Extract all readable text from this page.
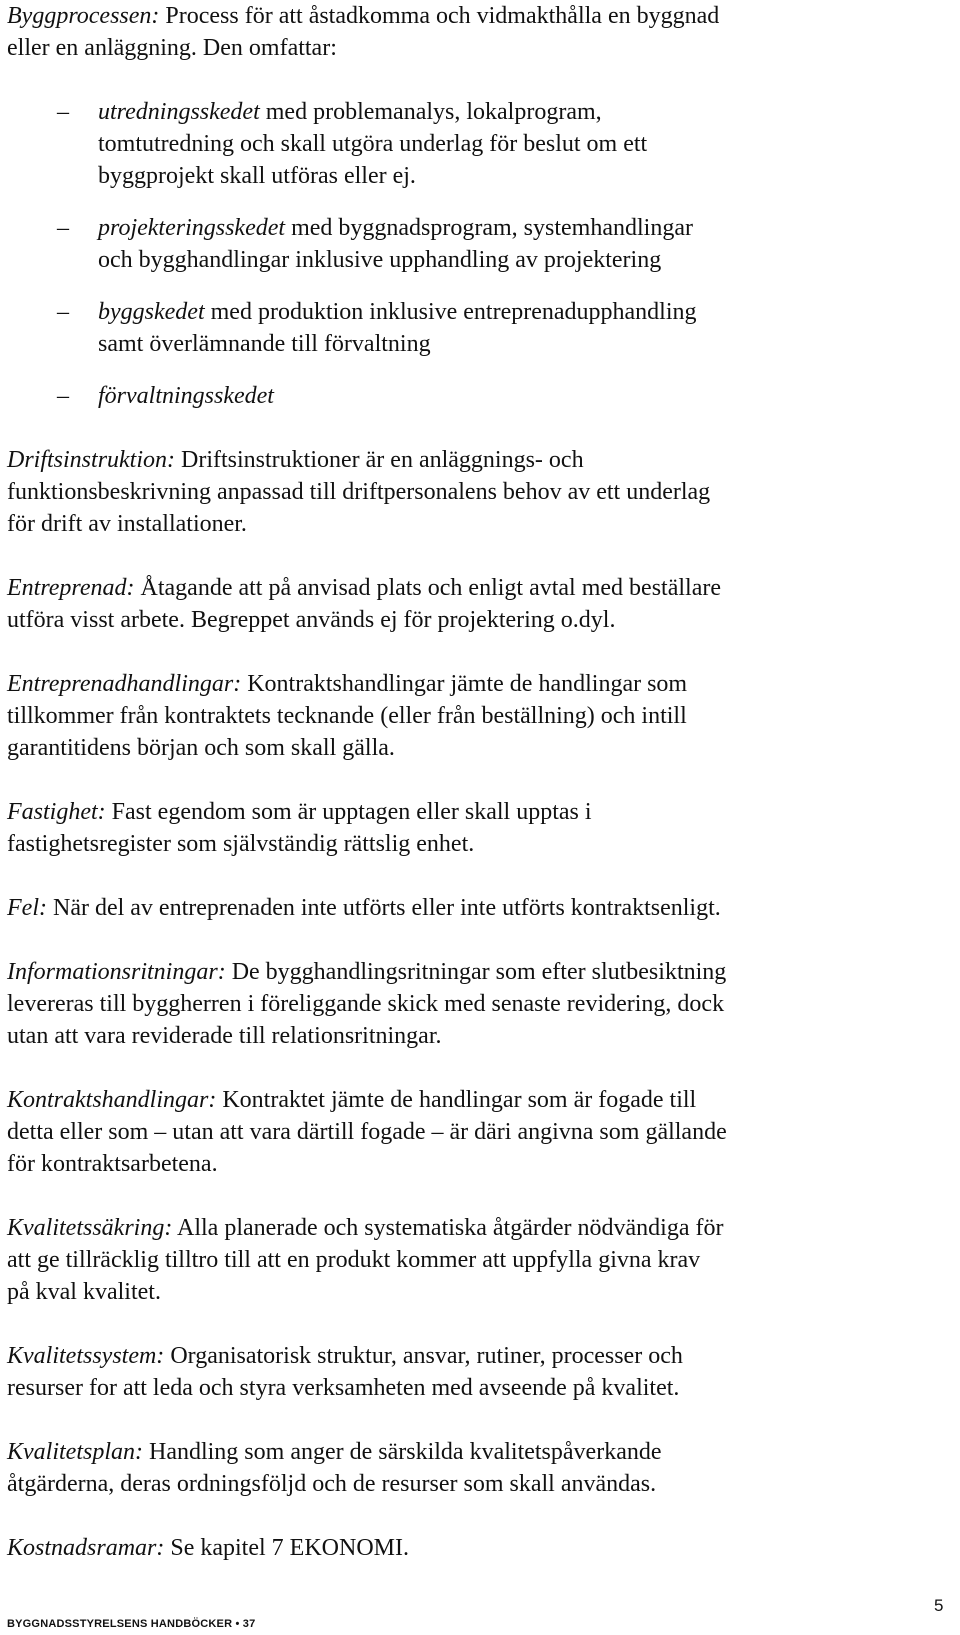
Byggprocessen: Process för att åstadkomma och vidmakthålla en byggnad eller en anläggning. Den omfattar:

– utredningsskedet med problemanalys, lokalprogram, tomtutredning och skall utgöra underlag för beslut om ett byggprojekt skall utföras eller ej.
– projekteringsskedet med byggnadsprogram, systemhandlingar och bygghandlingar inklusive upphandling av projektering
– byggskedet med produktion inklusive entreprenadupphandling samt överlämnande till förvaltning
– förvaltningsskedet

Driftsinstruktion: Driftsinstruktioner är en anläggnings- och funktionsbeskrivning anpassad till driftpersonalens behov av ett underlag för drift av installationer.

Entreprenad: Åtagande att på anvisad plats och enligt avtal med beställare utföra visst arbete. Begreppet används ej för projektering o.dyl.

Entreprenadhandlingar: Kontraktshandlingar jämte de handlingar som tillkommer från kontraktets tecknande (eller från beställning) och intill garantitidens början och som skall gälla.

Fastighet: Fast egendom som är upptagen eller skall upptas i fastighetsregister som självständig rättslig enhet.

Fel: När del av entreprenaden inte utförts eller inte utförts kontraktsenligt.

Informationsritningar: De bygghandlingsritningar som efter slutbesiktning levereras till byggherren i föreliggande skick med senaste revidering, dock utan att vara reviderade till relationsritningar.

Kontraktshandlingar: Kontraktet jämte de handlingar som är fogade till detta eller som – utan att vara därtill fogade – är däri angivna som gällande för kontraktsarbetena.

Kvalitetssäkring: Alla planerade och systematiska åtgärder nödvändiga för att ge tillräcklig tilltro till att en produkt kommer att uppfylla givna krav på kval kvalitet.

Kvalitetssystem: Organisatorisk struktur, ansvar, rutiner, processer och resurser for att leda och styra verksamheten med avseende på kvalitet.

Kvalitetsplan: Handling som anger de särskilda kvalitetspåverkande åtgärderna, deras ordningsföljd och de resurser som skall användas.

Kostnadsramar: Se kapitel 7 EKONOMI.

BYGGNADSSTYRELSENS HANDBÖCKER • 37
5
